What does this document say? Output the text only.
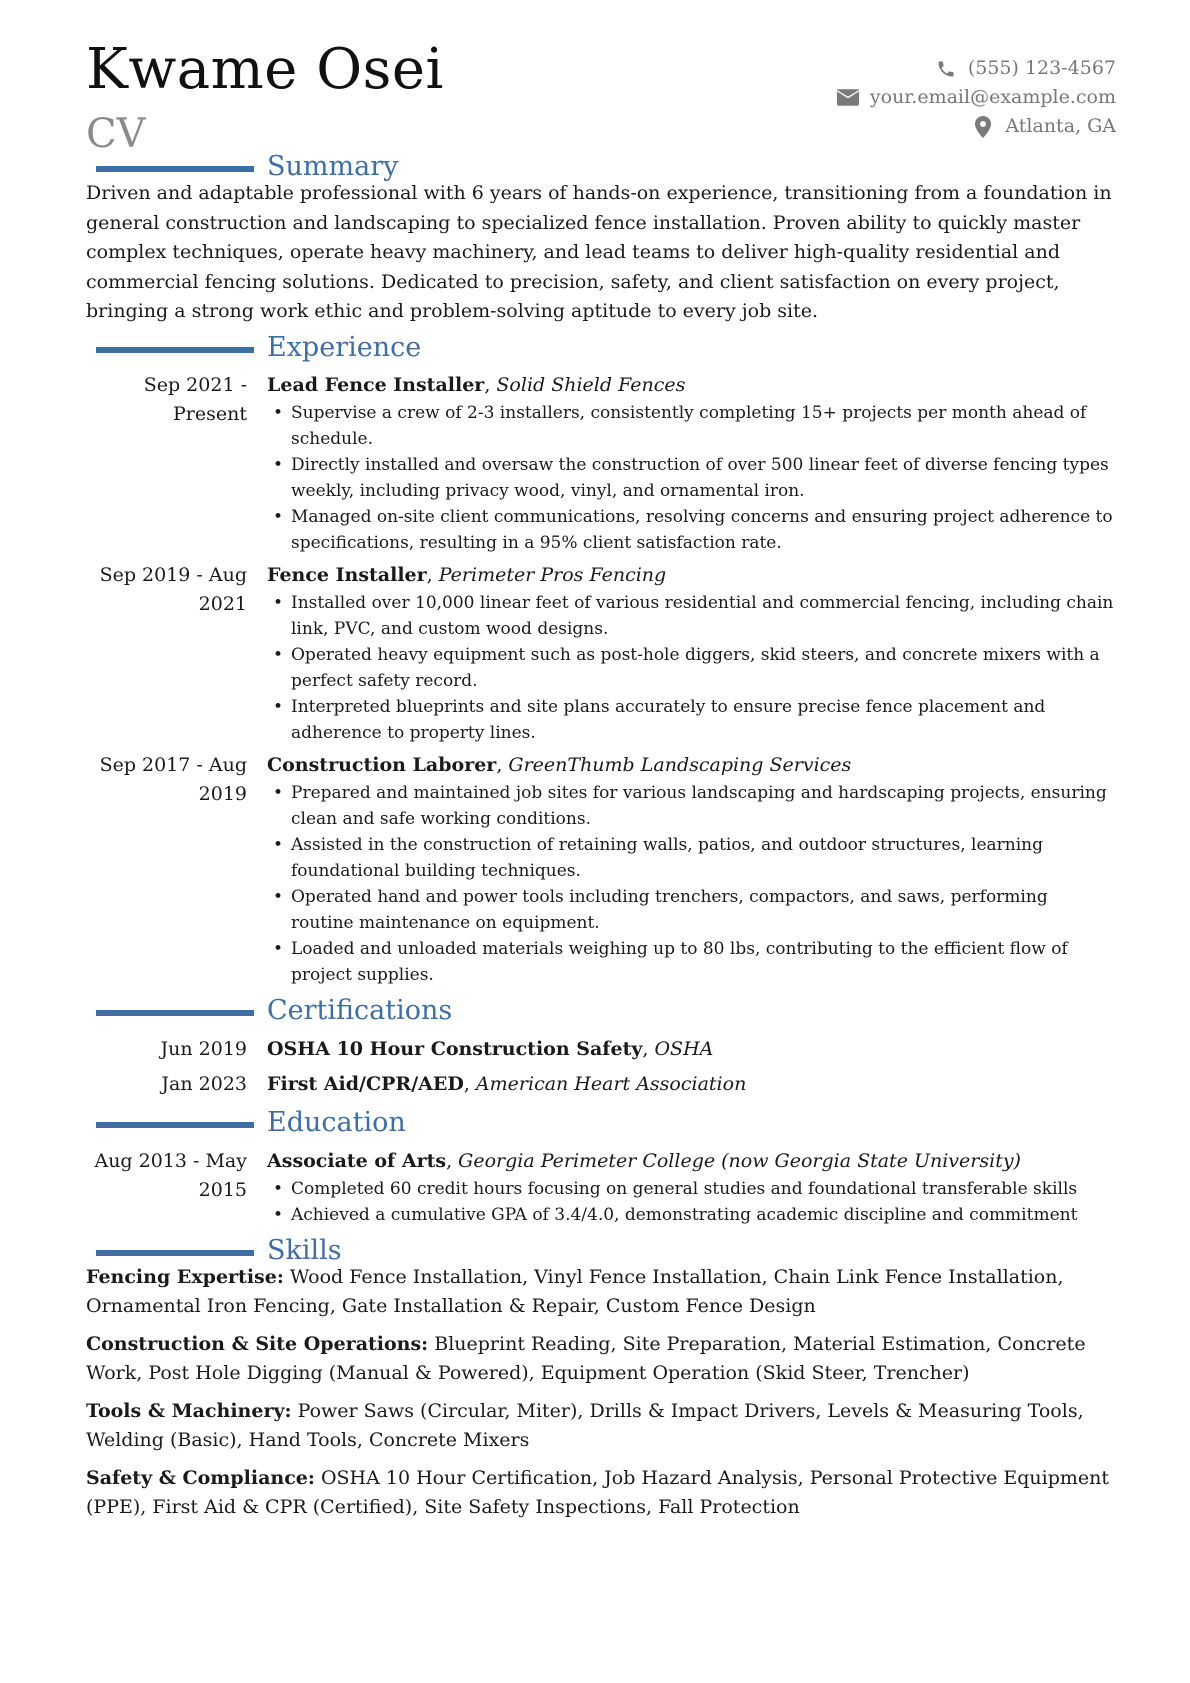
Kwame Osei
CV
(555) 123-4567
your.email@example.com
Atlanta, GA
Summary

Driven and adaptable professional with 6 years of hands-on experience, transitioning from a foundation in general construction and landscaping to specialized fence installation. Proven ability to quickly master complex techniques, operate heavy machinery, and lead teams to deliver high-quality residential and commercial fencing solutions. Dedicated to precision, safety, and client satisfaction on every project, bringing a strong work ethic and problem-solving aptitude to every job site.

Experience
Sep 2021 - Present
Lead Fence Installer, Solid Shield Fences
• Supervise a crew of 2-3 installers, consistently completing 15+ projects per month ahead of schedule.
• Directly installed and oversaw the construction of over 500 linear feet of diverse fencing types weekly, including privacy wood, vinyl, and ornamental iron.
• Managed on-site client communications, resolving concerns and ensuring project adherence to specifications, resulting in a 95% client satisfaction rate.
Sep 2019 - Aug 2021
Fence Installer, Perimeter Pros Fencing
• Installed over 10,000 linear feet of various residential and commercial fencing, including chain link, PVC, and custom wood designs.
• Operated heavy equipment such as post-hole diggers, skid steers, and concrete mixers with a perfect safety record.
• Interpreted blueprints and site plans accurately to ensure precise fence placement and adherence to property lines.
Sep 2017 - Aug 2019
Construction Laborer, GreenThumb Landscaping Services
• Prepared and maintained job sites for various landscaping and hardscaping projects, ensuring clean and safe working conditions.
• Assisted in the construction of retaining walls, patios, and outdoor structures, learning foundational building techniques.
• Operated hand and power tools including trenchers, compactors, and saws, performing routine maintenance on equipment.
• Loaded and unloaded materials weighing up to 80 lbs, contributing to the efficient flow of project supplies.
Certifications
Jun 2019	OSHA 10 Hour Construction Safety, OSHA
Jan 2023	First Aid/CPR/AED, American Heart Association
Education
Aug 2013 - May 2015
Associate of Arts, Georgia Perimeter College (now Georgia State University)
• Completed 60 credit hours focusing on general studies and foundational transferable skills
• Achieved a cumulative GPA of 3.4/4.0, demonstrating academic discipline and commitment
Skills

Fencing Expertise: Wood Fence Installation, Vinyl Fence Installation, Chain Link Fence Installation, Ornamental Iron Fencing, Gate Installation & Repair, Custom Fence Design

Construction & Site Operations: Blueprint Reading, Site Preparation, Material Estimation, Concrete Work, Post Hole Digging (Manual & Powered), Equipment Operation (Skid Steer, Trencher)

Tools & Machinery: Power Saws (Circular, Miter), Drills & Impact Drivers, Levels & Measuring Tools, Welding (Basic), Hand Tools, Concrete Mixers

Safety & Compliance: OSHA 10 Hour Certification, Job Hazard Analysis, Personal Protective Equipment (PPE), First Aid & CPR (Certified), Site Safety Inspections, Fall Protection
